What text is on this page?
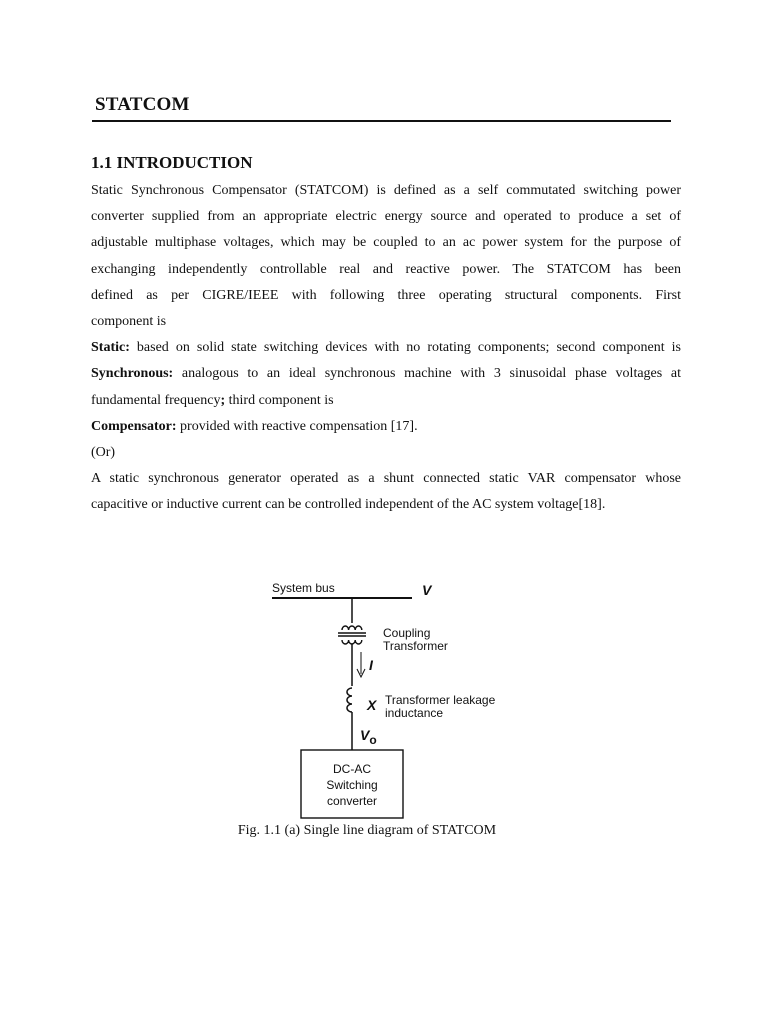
STATCOM
1.1 INTRODUCTION
Static Synchronous Compensator (STATCOM) is defined as a self commutated switching power
converter supplied from an appropriate electric energy source and operated to produce a set of
adjustable multiphase voltages, which may be coupled to an ac power system for the purpose of
exchanging independently controllable real and reactive power. The STATCOM has been
defined as per CIGRE/IEEE with following three operating structural components. First
component is
Static: based on solid state switching devices with no rotating components; second component is
Synchronous: analogous to an ideal synchronous machine with 3 sinusoidal phase voltages at
fundamental frequency; third component is
Compensator: provided with reactive compensation [17].
(Or)
A static synchronous generator operated as a shunt connected static VAR compensator whose
capacitive or inductive current can be controlled independent of the AC system voltage[18].
System bus	V
Coupling
Transformer
I
X Transformer leakage
inductance
Vo
DC-AC
Switching
converter
Fig. 1.1 (a) Single line diagram of STATCOM
